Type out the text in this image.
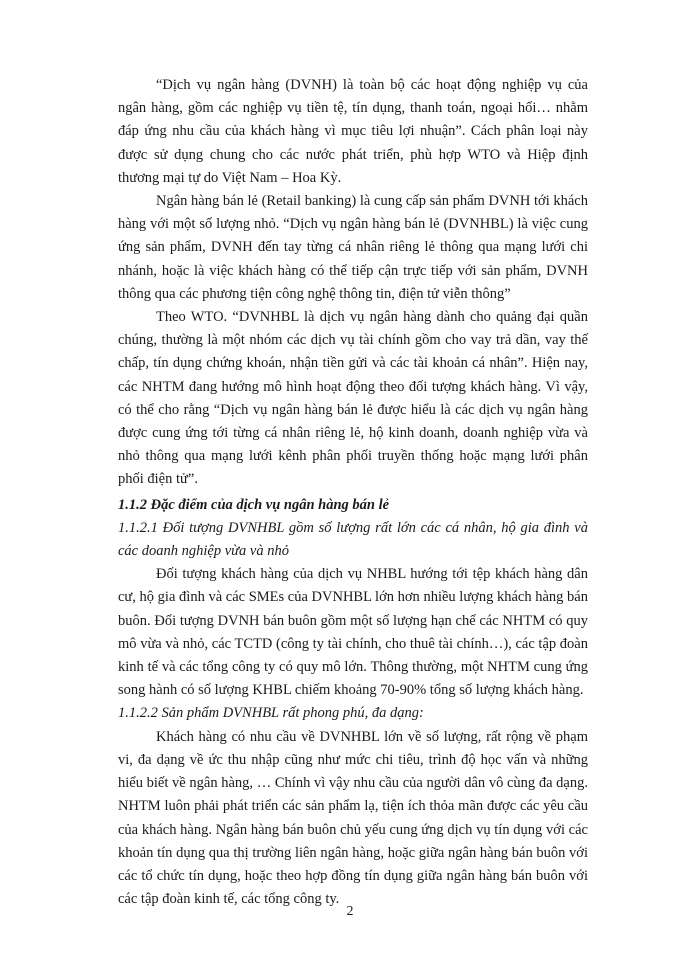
“Dịch vụ ngân hàng (DVNH) là toàn bộ các hoạt động nghiệp vụ của ngân hàng, gồm các nghiệp vụ tiền tệ, tín dụng, thanh toán, ngoại hối… nhằm đáp ứng nhu cầu của khách hàng vì mục tiêu lợi nhuận”. Cách phân loại này được sử dụng chung cho các nước phát triển, phù hợp WTO và Hiệp định thương mại tự do Việt Nam – Hoa Kỳ.

Ngân hàng bán lẻ (Retail banking) là cung cấp sản phẩm DVNH tới khách hàng với một số lượng nhỏ. “Dịch vụ ngân hàng bán lẻ (DVNHBL) là việc cung ứng sản phẩm, DVNH đến tay từng cá nhân riêng lẻ thông qua mạng lưới chi nhánh, hoặc là việc khách hàng có thể tiếp cận trực tiếp với sản phẩm, DVNH thông qua các phương tiện công nghệ thông tin, điện tử viễn thông”

Theo WTO. “DVNHBL là dịch vụ ngân hàng dành cho quảng đại quần chúng, thường là một nhóm các dịch vụ tài chính gồm cho vay trả dần, vay thế chấp, tín dụng chứng khoán, nhận tiền gửi và các tài khoản cá nhân”. Hiện nay, các NHTM đang hướng mô hình hoạt động theo đối tượng khách hàng. Vì vậy, có thể cho rằng “Dịch vụ ngân hàng bán lẻ được hiểu là các dịch vụ ngân hàng được cung ứng tới từng cá nhân riêng lẻ, hộ kinh doanh, doanh nghiệp vừa và nhỏ thông qua mạng lưới kênh phân phối truyền thống hoặc mạng lưới phân phối điện tử”.

1.1.2 Đặc điểm của dịch vụ ngân hàng bán lẻ
1.1.2.1 Đối tượng DVNHBL gồm số lượng rất lớn các cá nhân, hộ gia đình và các doanh nghiệp vừa và nhỏ

Đối tượng khách hàng của dịch vụ NHBL hướng tới tệp khách hàng dân cư, hộ gia đình và các SMEs của DVNHBL lớn hơn nhiều lượng khách hàng bán buôn. Đối tượng DVNH bán buôn gồm một số lượng hạn chế các NHTM có quy mô vừa và nhỏ, các TCTD (công ty tài chính, cho thuê tài chính…), các tập đoàn kinh tế và các tổng công ty có quy mô lớn. Thông thường, một NHTM cung ứng song hành có số lượng KHBL chiếm khoảng 70-90% tổng số lượng khách hàng.

1.1.2.2 Sản phẩm DVNHBL rất phong phú, đa dạng:

Khách hàng có nhu cầu về DVNHBL lớn về số lượng, rất rộng về phạm vi, đa dạng về ức thu nhập cũng như mức chi tiêu, trình độ học vấn và những hiểu biết về ngân hàng, … Chính vì vậy nhu cầu của người dân vô cùng đa dạng. NHTM luôn phải phát triển các sản phẩm lạ, tiện ích thỏa mãn được các yêu cầu của khách hàng. Ngân hàng bán buôn chủ yếu cung ứng dịch vụ tín dụng với các khoản tín dụng qua thị trường liên ngân hàng, hoặc giữa ngân hàng bán buôn với các tổ chức tín dụng, hoặc theo hợp đồng tín dụng giữa ngân hàng bán buôn với các tập đoàn kinh tế, các tổng công ty.

2
